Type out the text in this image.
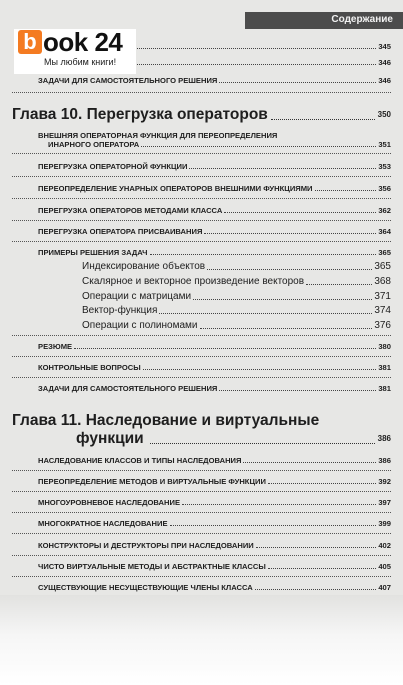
Содержание
345
346
ЗАДАЧИ ДЛЯ САМОСТОЯТЕЛЬНОГО РЕШЕНИЯ	346
Глава 10. Перегрузка операторов	350
ВНЕШНЯЯ ОПЕРАТОРНАЯ ФУНКЦИЯ ДЛЯ ПЕРЕОПРЕДЕЛЕНИЯ
ИНАРНОГО ОПЕРАТОРА	351
ПЕРЕГРУЗКА ОПЕРАТОРНОЙ ФУНКЦИИ	353
ПЕРЕОПРЕДЕЛЕНИЕ УНАРНЫХ ОПЕРАТОРОВ ВНЕШНИМИ ФУНКЦИЯМИ	356
ПЕРЕГРУЗКА ОПЕРАТОРОВ МЕТОДАМИ КЛАССА	362
ПЕРЕГРУЗКА ОПЕРАТОРА ПРИСВАИВАНИЯ	364
ПРИМЕРЫ РЕШЕНИЯ ЗАДАЧ	365
Индексирование объектов	365
Скалярное и векторное произведение векторов	368
Операции с матрицами	371
Вектор-функция	374
Операции с полиномами	376
РЕЗЮМЕ	380
КОНТРОЛЬНЫЕ ВОПРОСЫ	381
ЗАДАЧИ ДЛЯ САМОСТОЯТЕЛЬНОГО РЕШЕНИЯ	381
Глава 11. Наследование и виртуальные
функции	386
НАСЛЕДОВАНИЕ КЛАССОВ И ТИПЫ НАСЛЕДОВАНИЯ	386
ПЕРЕОПРЕДЕЛЕНИЕ МЕТОДОВ И ВИРТУАЛЬНЫЕ ФУНКЦИИ	392
МНОГОУРОВНЕВОЕ НАСЛЕДОВАНИЕ	397
МНОГОКРАТНОЕ НАСЛЕДОВАНИЕ	399
КОНСТРУКТОРЫ И ДЕСТРУКТОРЫ ПРИ НАСЛЕДОВАНИИ	402
ЧИСТО ВИРТУАЛЬНЫЕ МЕТОДЫ И АБСТРАКТНЫЕ КЛАССЫ	405
СУЩЕСТВУЮЩИЕ НЕСУЩЕСТВУЮЩИЕ ЧЛЕНЫ КЛАССА	407
b ook 24
Мы любим книги!
